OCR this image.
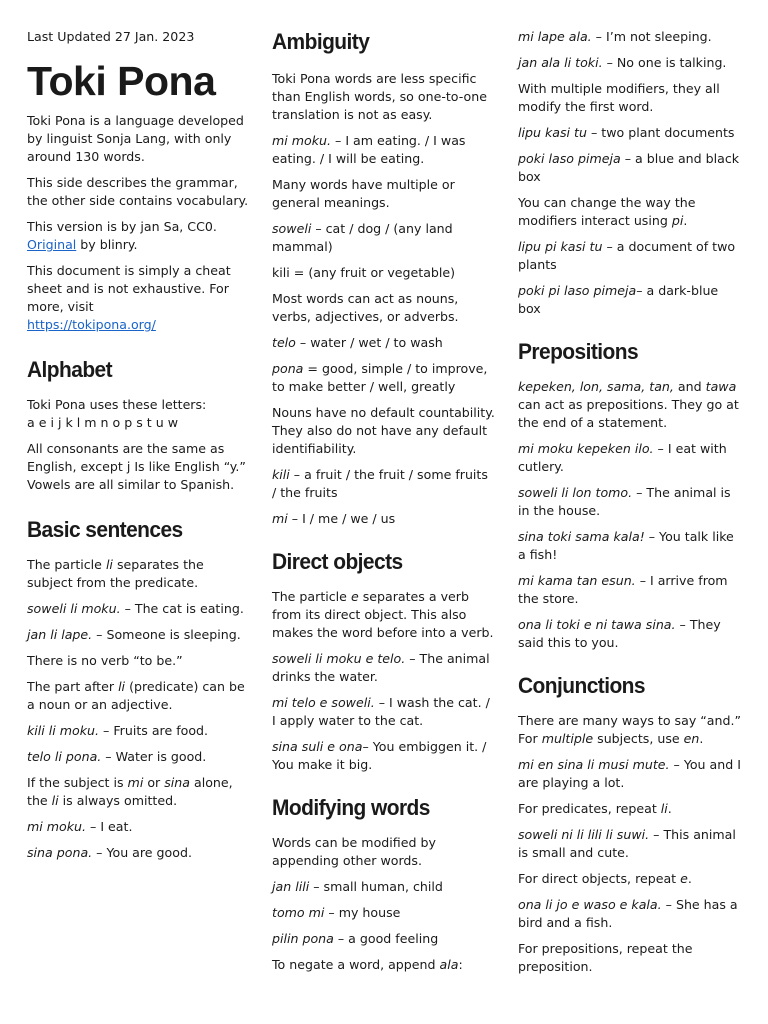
Last Updated 27 Jan. 2023

Toki Pona

Toki Pona is a language developed by linguist Sonja Lang, with only around 130 words.

This side describes the grammar, the other side contains vocabulary.

This version is by jan Sa, CC0.
Original by blinry.

This document is simply a cheat sheet and is not exhaustive. For more, visit
https://tokipona.org/

Alphabet

Toki Pona uses these letters:
a e i j k l m n o p s t u w

All consonants are the same as English, except j Is like English “y.” Vowels are all similar to Spanish.

Basic sentences

The particle li separates the subject from the predicate.

soweli li moku. – The cat is eating.

jan li lape. – Someone is sleeping.

There is no verb “to be.”

The part after li (predicate) can be a noun or an adjective.

kili li moku. – Fruits are food.

telo li pona. – Water is good.

If the subject is mi or sina alone, the li is always omitted.

mi moku. – I eat.

sina pona. – You are good.

Ambiguity

Toki Pona words are less specific than English words, so one-to-one translation is not as easy.

mi moku. – I am eating. / I was eating. / I will be eating.

Many words have multiple or general meanings.

soweli – cat / dog / (any land mammal)

kili = (any fruit or vegetable)

Most words can act as nouns, verbs, adjectives, or adverbs.

telo – water / wet / to wash

pona = good, simple / to improve, to make better / well, greatly

Nouns have no default countability. They also do not have any default identifiability.

kili – a fruit / the fruit / some fruits / the fruits

mi – I / me / we / us

Direct objects

The particle e separates a verb from its direct object. This also makes the word before into a verb.

soweli li moku e telo. – The animal drinks the water.

mi telo e soweli. – I wash the cat. / I apply water to the cat.

sina suli e ona– You embiggen it. / You make it big.

Modifying words

Words can be modified by appending other words.

jan lili – small human, child

tomo mi – my house

pilin pona – a good feeling

To negate a word, append ala:

mi lape ala. – I’m not sleeping.

jan ala li toki. – No one is talking.

With multiple modifiers, they all modify the first word.

lipu kasi tu – two plant documents

poki laso pimeja – a blue and black box

You can change the way the modifiers interact using pi.

lipu pi kasi tu – a document of two plants

poki pi laso pimeja– a dark-blue box

Prepositions

kepeken, lon, sama, tan, and tawa can act as prepositions. They go at the end of a statement.

mi moku kepeken ilo. – I eat with cutlery.

soweli li lon tomo. – The animal is in the house.

sina toki sama kala! – You talk like a fish!

mi kama tan esun. – I arrive from the store.

ona li toki e ni tawa sina. – They said this to you.

Conjunctions

There are many ways to say “and.” For multiple subjects, use en.

mi en sina li musi mute. – You and I are playing a lot.

For predicates, repeat li.

soweli ni li lili li suwi. – This animal is small and cute.

For direct objects, repeat e.

ona li jo e waso e kala. – She has a bird and a fish.

For prepositions, repeat the preposition.
